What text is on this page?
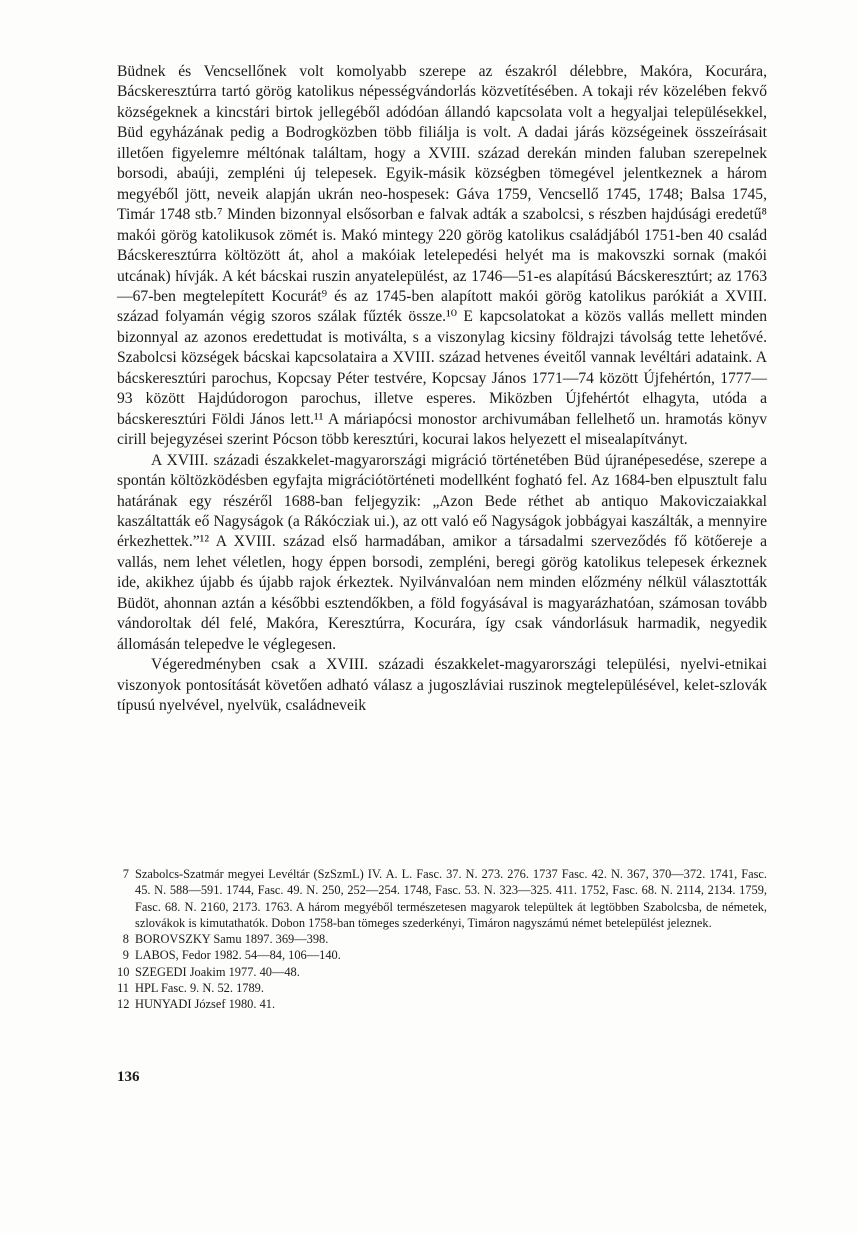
Büdnek és Vencsellőnek volt komolyabb szerepe az északról délebbre, Makóra, Kocurára, Bácskeresztúrra tartó görög katolikus népességvándorlás közvetítésében. A tokaji rév közelében fekvő községeknek a kincstári birtok jellegéből adódóan állandó kapcsolata volt a hegyaljai településekkel, Büd egyházának pedig a Bodrogközben több filiálja is volt. A dadai járás községeinek összeírásait illetően figyelemre méltónak találtam, hogy a XVIII. század derekán minden faluban szerepelnek borsodi, abaúji, zempléni új telepesek. Egyik-másik községben tömegével jelentkeznek a három megyéből jött, neveik alapján ukrán neo-hospesek: Gáva 1759, Vencsellő 1745, 1748; Balsa 1745, Timár 1748 stb.⁷ Minden bizonnyal elsősorban e falvak adták a szabolcsi, s részben hajdúsági eredetű⁸ makói görög katolikusok zömét is. Makó mintegy 220 görög katolikus családjából 1751-ben 40 család Bácskeresztúrra költözött át, ahol a makóiak letelepedési helyét ma is makovszki sornak (makói utcának) hívják. A két bácskai ruszin anyatelepülést, az 1746—51-es alapítású Bácskeresztúrt; az 1763—67-ben megtelepített Kocurát⁹ és az 1745-ben alapított makói görög katolikus parókiát a XVIII. század folyamán végig szoros szálak fűzték össze.¹⁰ E kapcsolatokat a közös vallás mellett minden bizonnyal az azonos eredettudat is motiválta, s a viszonylag kicsiny földrajzi távolság tette lehetővé. Szabolcsi községek bácskai kapcsolataira a XVIII. század hetvenes éveitől vannak levéltári adataink. A bácskeresztúri parochus, Kopcsay Péter testvére, Kopcsay János 1771—74 között Újfehértón, 1777—93 között Hajdúdorogon parochus, illetve esperes. Miközben Újfehértót elhagyta, utóda a bácskeresztúri Földi János lett.¹¹ A máriapócsi monostor archivumában fellelhető un. hramotás könyv cirill bejegyzései szerint Pócson több keresztúri, kocurai lakos helyezett el misealapítványt.

A XVIII. századi északkelet-magyarországi migráció történetében Büd újranépesedése, szerepe a spontán költözködésben egyfajta migrációtörténeti modellként fogható fel. Az 1684-ben elpusztult falu határának egy részéről 1688-ban feljegyzik: „Azon Bede réthet ab antiquo Makoviczaiakkal kaszáltatták eő Nagyságok (a Rákócziak ui.), az ott való eő Nagyságok jobbágyai kaszálták, a mennyire érkezhettek.”¹² A XVIII. század első harmadában, amikor a társadalmi szerveződés fő kötőereje a vallás, nem lehet véletlen, hogy éppen borsodi, zempléni, beregi görög katolikus telepesek érkeznek ide, akikhez újabb és újabb rajok érkeztek. Nyilvánvalóan nem minden előzmény nélkül választották Büdöt, ahonnan aztán a későbbi esztendőkben, a föld fogyásával is magyarázhatóan, számosan tovább vándoroltak dél felé, Makóra, Keresztúrra, Kocurára, így csak vándorlásuk harmadik, negyedik állomásán telepedve le véglegesen.

Végeredményben csak a XVIII. századi északkelet-magyarországi települési, nyelvi-etnikai viszonyok pontosítását követően adható válasz a jugoszláviai ruszinok megtelepülésével, kelet-szlovák típusú nyelvével, nyelvük, családneveik

7 Szabolcs-Szatmár megyei Levéltár (SzSzmL) IV. A. L. Fasc. 37. N. 273. 276. 1737 Fasc. 42. N. 367, 370—372. 1741, Fasc. 45. N. 588—591. 1744, Fasc. 49. N. 250, 252—254. 1748, Fasc. 53. N. 323—325. 411. 1752, Fasc. 68. N. 2114, 2134. 1759, Fasc. 68. N. 2160, 2173. 1763. A három megyéből természetesen magyarok települtek át legtöbben Szabolcsba, de németek, szlovákok is kimutathatók. Dobon 1758-ban tömeges szederkényi, Timáron nagyszámú német betelepülést jeleznek.
8 BOROVSZKY Samu 1897. 369—398.
9 LABOS, Fedor 1982. 54—84, 106—140.
10 SZEGEDI Joakim 1977. 40—48.
11 HPL Fasc. 9. N. 52. 1789.
12 HUNYADI József 1980. 41.
136
